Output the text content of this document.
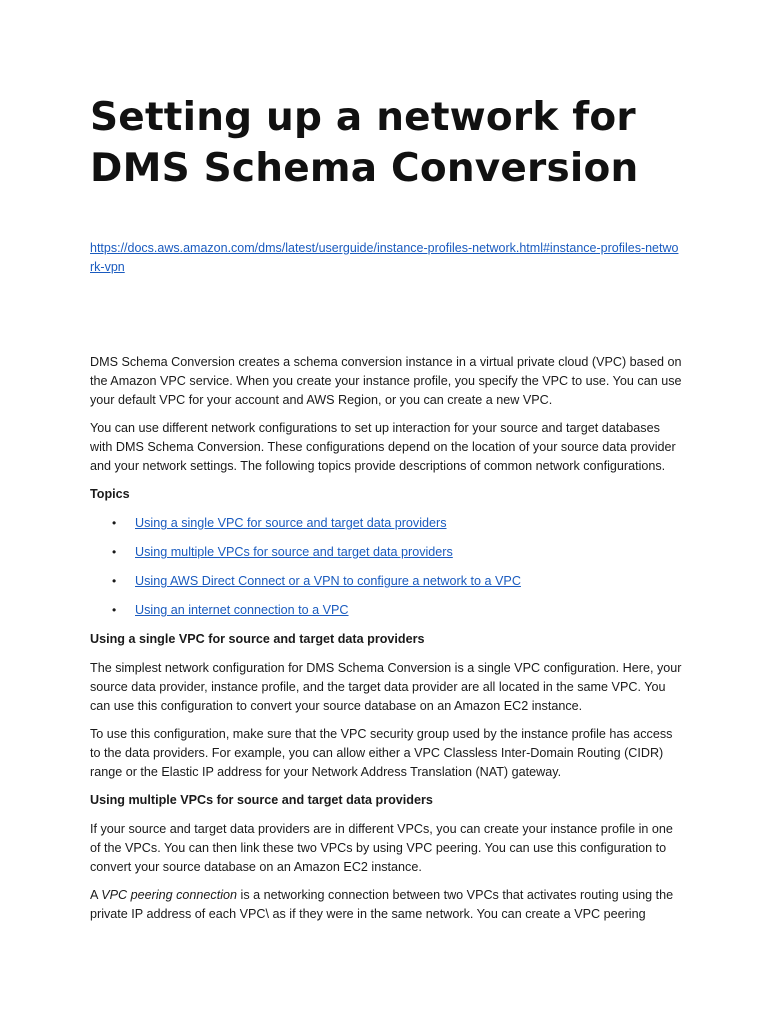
Setting up a network for DMS Schema Conversion
https://docs.aws.amazon.com/dms/latest/userguide/instance-profiles-network.html#instance-profiles-network-vpn

DMS Schema Conversion creates a schema conversion instance in a virtual private cloud (VPC) based on the Amazon VPC service. When you create your instance profile, you specify the VPC to use. You can use your default VPC for your account and AWS Region, or you can create a new VPC.

You can use different network configurations to set up interaction for your source and target databases with DMS Schema Conversion. These configurations depend on the location of your source data provider and your network settings. The following topics provide descriptions of common network configurations.

Topics

• Using a single VPC for source and target data providers
• Using multiple VPCs for source and target data providers
• Using AWS Direct Connect or a VPN to configure a network to a VPC
• Using an internet connection to a VPC

Using a single VPC for source and target data providers

The simplest network configuration for DMS Schema Conversion is a single VPC configuration. Here, your source data provider, instance profile, and the target data provider are all located in the same VPC. You can use this configuration to convert your source database on an Amazon EC2 instance.

To use this configuration, make sure that the VPC security group used by the instance profile has access to the data providers. For example, you can allow either a VPC Classless Inter-Domain Routing (CIDR) range or the Elastic IP address for your Network Address Translation (NAT) gateway.

Using multiple VPCs for source and target data providers

If your source and target data providers are in different VPCs, you can create your instance profile in one of the VPCs. You can then link these two VPCs by using VPC peering. You can use this configuration to convert your source database on an Amazon EC2 instance.

A VPC peering connection is a networking connection between two VPCs that activates routing using the private IP address of each VPC\ as if they were in the same network. You can create a VPC peering
